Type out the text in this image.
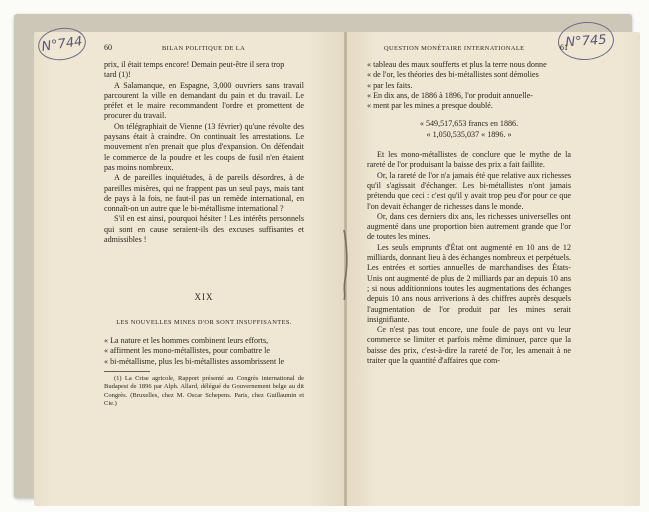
N°744	N°745
60	BILAN POLITIQUE DE LA

prix, il était temps encore! Demain peut-être il sera trop

tard (1)!

A Salamanque, en Espagne, 3,000 ouvriers sans travail parcourent la ville en demandant du pain et du travail. Le préfet et le maire recommandent l'ordre et promettent de procurer du travail.

On télégraphiait de Vienne (13 février) qu'une révolte des paysans était à craindre. On continuait les arrestations. Le mouvement n'en prenait que plus d'expansion. On défendait le commerce de la poudre et les coups de fusil n'en étaient pas moins nombreux.

A de pareilles inquiétudes, à de pareils désordres, à de pareilles misères, qui ne frappent pas un seul pays, mais tant de pays à la fois, ne faut-il pas un remède international, en connaît-on un autre que le bi-métallisme international ?

S'il en est ainsi, pourquoi hésiter ! Les intérêts personnels qui sont en cause seraient-ils des excuses suffisantes et admissibles !

XIX
LES NOUVELLES MINES D'OR SONT INSUFFISANTES.

« La nature et les hommes combinent leurs efforts,

« affirment les mono-métallistes, pour combattre le

« bi-métallisme, plus les bi-métallistes assombrissent le

(1) La Crise agricole, Rapport présenté au Congrès international de Budapest de 1896 par Alph. Allard, délégué du Gouvernement belge au dit Congrès. (Bruxelles, chez M. Oscar Schepens. Paris, chez Guillaumin et Cie.)
QUESTION MONÉTAIRE INTERNATIONALE	61

« tableau des maux soufferts et plus la terre nous donne

« de l'or, les théories des bi-métallistes sont démolies

« par les faits.

« En dix ans, de 1886 à 1896, l'or produit annuelle-

« ment par les mines a presque doublé.

« 549,517,653 francs en 1886.

« 1,050,535,037 « 1896. »

Et les mono-métallistes de conclure que le mythe de la rareté de l'or produisant la baisse des prix a fait faillite.

Or, la rareté de l'or n'a jamais été que relative aux richesses qu'il s'agissait d'échanger. Les bi-métallistes n'ont jamais prétendu que ceci : c'est qu'il y avait trop peu d'or pour ce que l'on devait échanger de richesses dans le monde.

Or, dans ces derniers dix ans, les richesses universelles ont augmenté dans une proportion bien autrement grande que l'or de toutes les mines.

Les seuls emprunts d'État ont augmenté en 10 ans de 12 milliards, donnant lieu à des échanges nombreux et perpétuels. Les entrées et sorties annuelles de marchandises des États-Unis ont augmenté de plus de 2 milliards par an depuis 10 ans ; si nous additionnions toutes les augmentations des échanges depuis 10 ans nous arriverions à des chiffres auprès desquels l'augmentation de l'or produit par les mines serait insignifiante.

Ce n'est pas tout encore, une foule de pays ont vu leur commerce se limiter et parfois même diminuer, parce que la baisse des prix, c'est-à-dire la rareté de l'or, les amenait à ne traiter que la quantité d'affaires que com-
